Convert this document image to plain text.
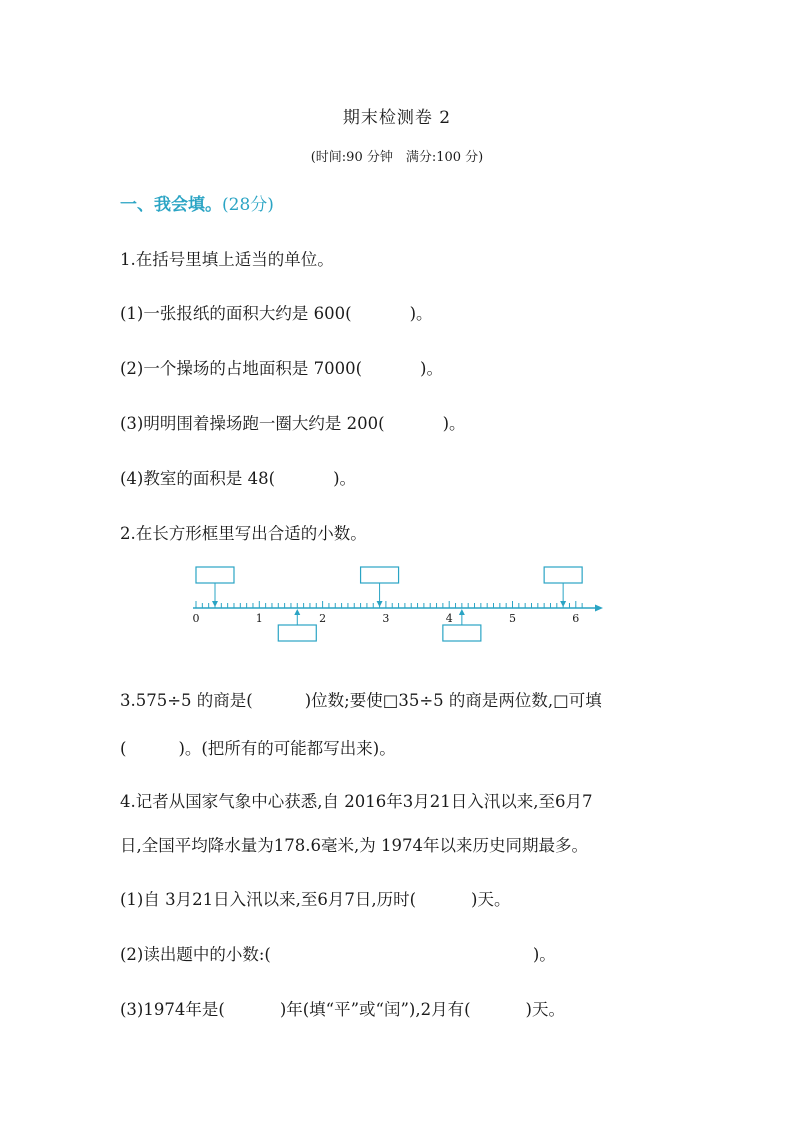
期末检测卷 2
(时间:90 分钟　满分:100 分)
一、我会填。(28分)
1.在括号里填上适当的单位。
(1)一张报纸的面积大约是 600(	)。
(2)一个操场的占地面积是 7000(	)。
(3)明明围着操场跑一圈大约是 200(	)。
(4)教室的面积是 48(	)。
2.在长方形框里写出合适的小数。
0	1	2	3	4	5	6
3.575÷5 的商是(	)位数;要使□35÷5 的商是两位数,□可填
(	)。(把所有的可能都写出来)。
4.记者从国家气象中心获悉,自 2016年3月21日入汛以来,至6月7
日,全国平均降水量为178.6毫米,为 1974年以来历史同期最多。
(1)自 3月21日入汛以来,至6月7日,历时(	)天。
(2)读出题中的小数:(	)。
(3)1974年是(	)年(填“平”或“闰”),2月有(	)天。
